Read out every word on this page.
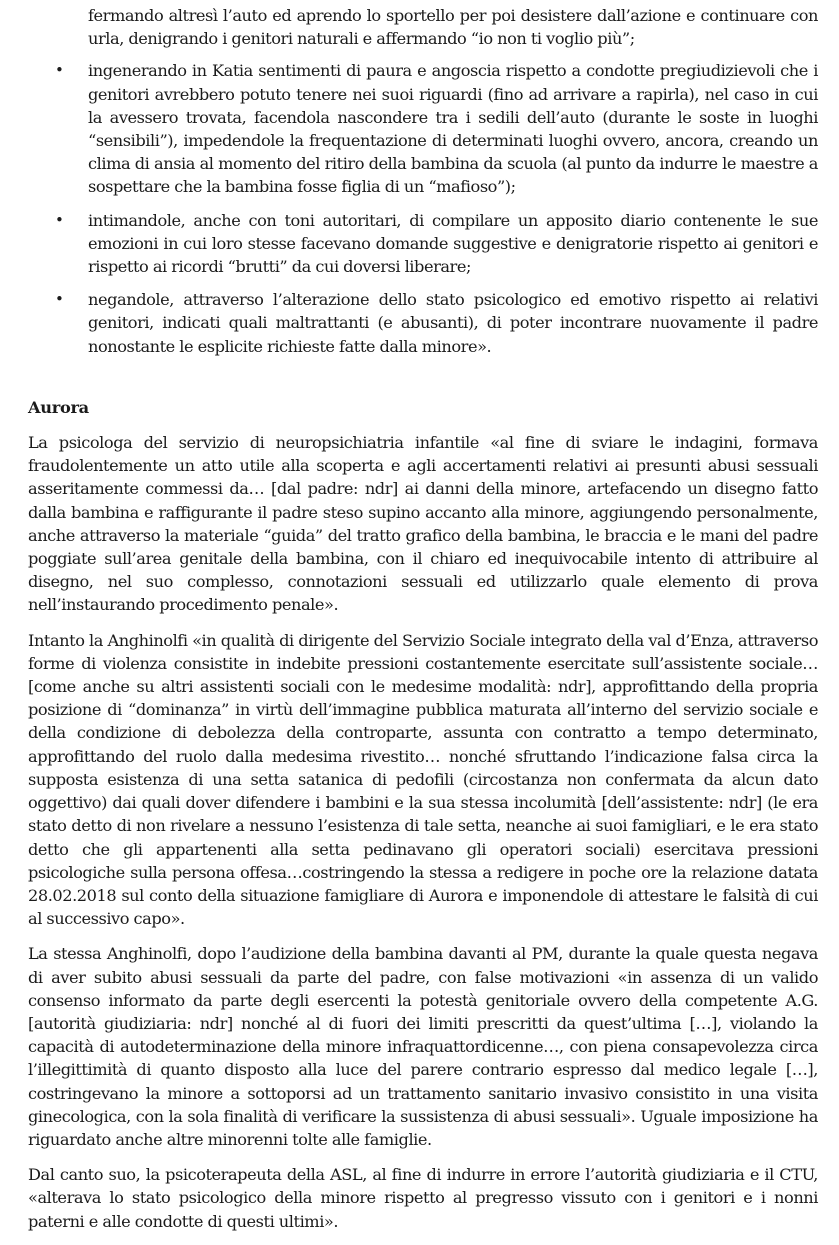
fermando altresì l’auto ed aprendo lo sportello per poi desistere dall’azione e continuare con urla, denigrando i genitori naturali e affermando “io non ti voglio più”;

• ingenerando in Katia sentimenti di paura e angoscia rispetto a condotte pregiudizievoli che i genitori avrebbero potuto tenere nei suoi riguardi (fino ad arrivare a rapirla), nel caso in cui la avessero trovata, facendola nascondere tra i sedili dell’auto (durante le soste in luoghi “sensibili”), impedendole la frequentazione di determinati luoghi ovvero, ancora, creando un clima di ansia al momento del ritiro della bambina da scuola (al punto da indurre le maestre a sospettare che la bambina fosse figlia di un “mafioso”);
• intimandole, anche con toni autoritari, di compilare un apposito diario contenente le sue emozioni in cui loro stesse facevano domande suggestive e denigratorie rispetto ai genitori e rispetto ai ricordi “brutti” da cui doversi liberare;
• negandole, attraverso l’alterazione dello stato psicologico ed emotivo rispetto ai relativi genitori, indicati quali maltrattanti (e abusanti), di poter incontrare nuovamente il padre nonostante le esplicite richieste fatte dalla minore».
Aurora

La psicologa del servizio di neuropsichiatria infantile «al fine di sviare le indagini, formava fraudolentemente un atto utile alla scoperta e agli accertamenti relativi ai presunti abusi sessuali asseritamente commessi da… [dal padre: ndr] ai danni della minore, artefacendo un disegno fatto dalla bambina e raffigurante il padre steso supino accanto alla minore, aggiungendo personalmente, anche attraverso la materiale “guida” del tratto grafico della bambina, le braccia e le mani del padre poggiate sull’area genitale della bambina, con il chiaro ed inequivocabile intento di attribuire al disegno, nel suo complesso, connotazioni sessuali ed utilizzarlo quale elemento di prova nell’instaurando procedimento penale».

Intanto la Anghinolfi «in qualità di dirigente del Servizio Sociale integrato della val d’Enza, attraverso forme di violenza consistite in indebite pressioni costantemente esercitate sull’assistente sociale… [come anche su altri assistenti sociali con le medesime modalità: ndr], approfittando della propria posizione di “dominanza” in virtù dell’immagine pubblica maturata all’interno del servizio sociale e della condizione di debolezza della controparte, assunta con contratto a tempo determinato, approfittando del ruolo dalla medesima rivestito… nonché sfruttando l’indicazione falsa circa la supposta esistenza di una setta satanica di pedofili (circostanza non confermata da alcun dato oggettivo) dai quali dover difendere i bambini e la sua stessa incolumità [dell’assistente: ndr] (le era stato detto di non rivelare a nessuno l’esistenza di tale setta, neanche ai suoi famigliari, e le era stato detto che gli appartenenti alla setta pedinavano gli operatori sociali) esercitava pressioni psicologiche sulla persona offesa…costringendo la stessa a redigere in poche ore la relazione datata 28.02.2018 sul conto della situazione famigliare di Aurora e imponendole di attestare le falsità di cui al successivo capo».

La stessa Anghinolfi, dopo l’audizione della bambina davanti al PM, durante la quale questa negava di aver subito abusi sessuali da parte del padre, con false motivazioni «in assenza di un valido consenso informato da parte degli esercenti la potestà genitoriale ovvero della competente A.G. [autorità giudiziaria: ndr] nonché al di fuori dei limiti prescritti da quest’ultima […], violando la capacità di autodeterminazione della minore infraquattordicenne…, con piena consapevolezza circa l’illegittimità di quanto disposto alla luce del parere contrario espresso dal medico legale […], costringevano la minore a sottoporsi ad un trattamento sanitario invasivo consistito in una visita ginecologica, con la sola finalità di verificare la sussistenza di abusi sessuali». Uguale imposizione ha riguardato anche altre minorenni tolte alle famiglie.

Dal canto suo, la psicoterapeuta della ASL, al fine di indurre in errore l’autorità giudiziaria e il CTU, «alterava lo stato psicologico della minore rispetto al pregresso vissuto con i genitori e i nonni paterni e alle condotte di questi ultimi».
